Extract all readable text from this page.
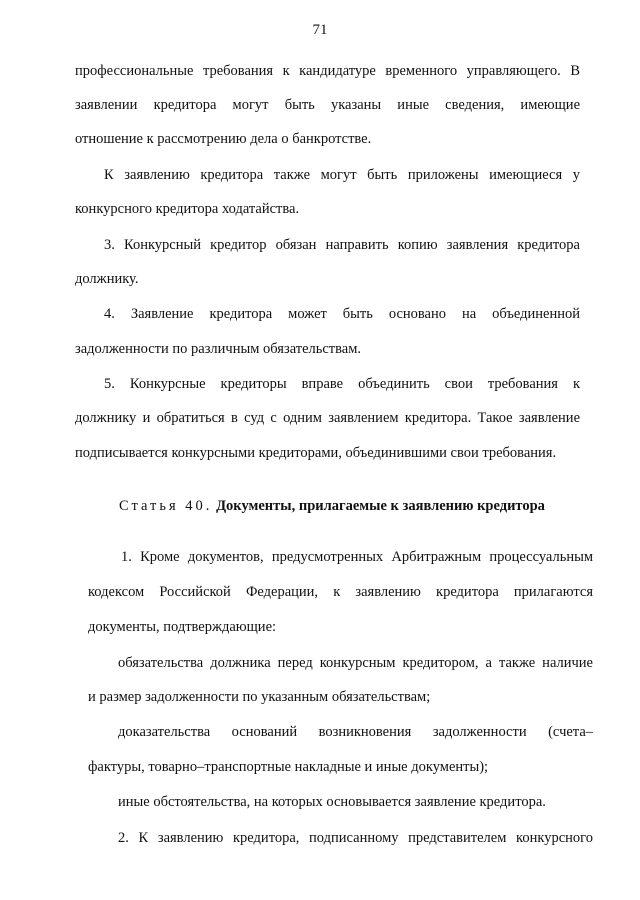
71
профессиональные требования к кандидатуре временного управляющего. В
заявлении кредитора могут быть указаны иные сведения, имеющие
отношение к рассмотрению дела о банкротстве.
К заявлению кредитора также могут быть приложены имеющиеся у
конкурсного кредитора ходатайства.
3. Конкурсный кредитор обязан направить копию заявления кредитора
должнику.
4. Заявление кредитора может быть основано на объединенной
задолженности по различным обязательствам.
5. Конкурсные кредиторы вправе объединить свои требования к
должнику и обратиться в суд с одним заявлением кредитора. Такое заявление
подписывается конкурсными кредиторами, объединившими свои требования.
Статья 40. Документы, прилагаемые к заявлению кредитора
1. Кроме документов, предусмотренных Арбитражным процессуальным
кодексом Российской Федерации, к заявлению кредитора прилагаются
документы, подтверждающие:
обязательства должника перед конкурсным кредитором, а также наличие
и размер задолженности по указанным обязательствам;
доказательства оснований возникновения задолженности (счета–
фактуры, товарно–транспортные накладные и иные документы);
иные обстоятельства, на которых основывается заявление кредитора.
2. К заявлению кредитора, подписанному представителем конкурсного
